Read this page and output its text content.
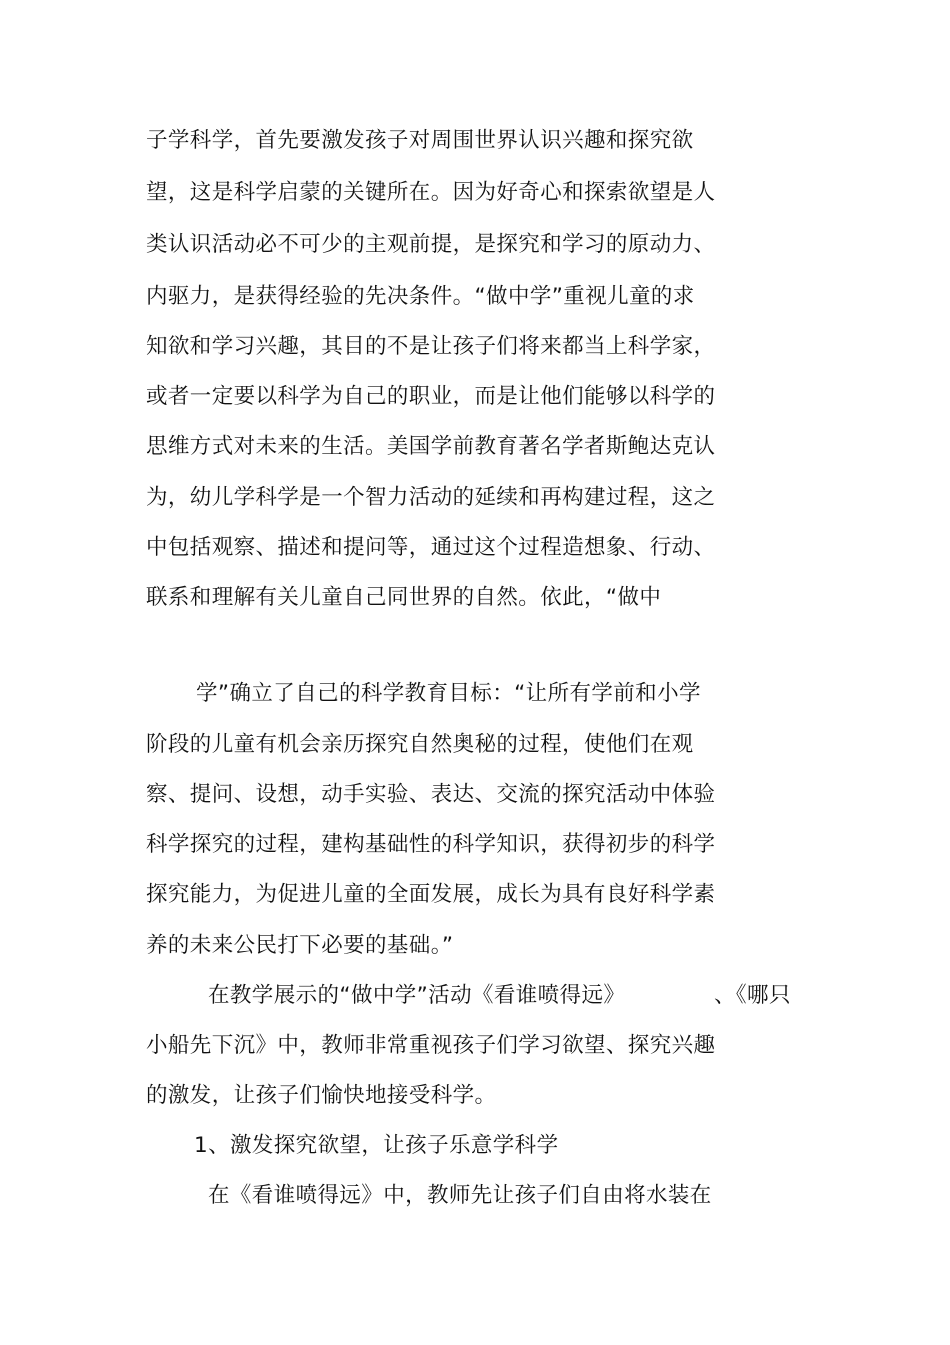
子学科学，首先要激发孩子对周围世界认识兴趣和探究欲
望，这是科学启蒙的关键所在。因为好奇心和探索欲望是人
类认识活动必不可少的主观前提，是探究和学习的原动力、
内驱力，是获得经验的先决条件。“做中学”重视儿童的求
知欲和学习兴趣，其目的不是让孩子们将来都当上科学家，
或者一定要以科学为自己的职业，而是让他们能够以科学的
思维方式对未来的生活。美国学前教育著名学者斯鲍达克认
为，幼儿学科学是一个智力活动的延续和再构建过程，这之
中包括观察、描述和提问等，通过这个过程造想象、行动、
联系和理解有关儿童自己同世界的自然。依此，“做中
学”确立了自己的科学教育目标：“让所有学前和小学
阶段的儿童有机会亲历探究自然奥秘的过程，使他们在观
察、提问、设想，动手实验、表达、交流的探究活动中体验
科学探究的过程，建构基础性的科学知识，获得初步的科学
探究能力，为促进儿童的全面发展，成长为具有良好科学素
养的未来公民打下必要的基础。”
在教学展示的“做中学”活动《看谁喷得远》	、《哪只
小船先下沉》中，教师非常重视孩子们学习欲望、探究兴趣
的激发，让孩子们愉快地接受科学。
1、激发探究欲望，让孩子乐意学科学
在《看谁喷得远》中，教师先让孩子们自由将水装在
